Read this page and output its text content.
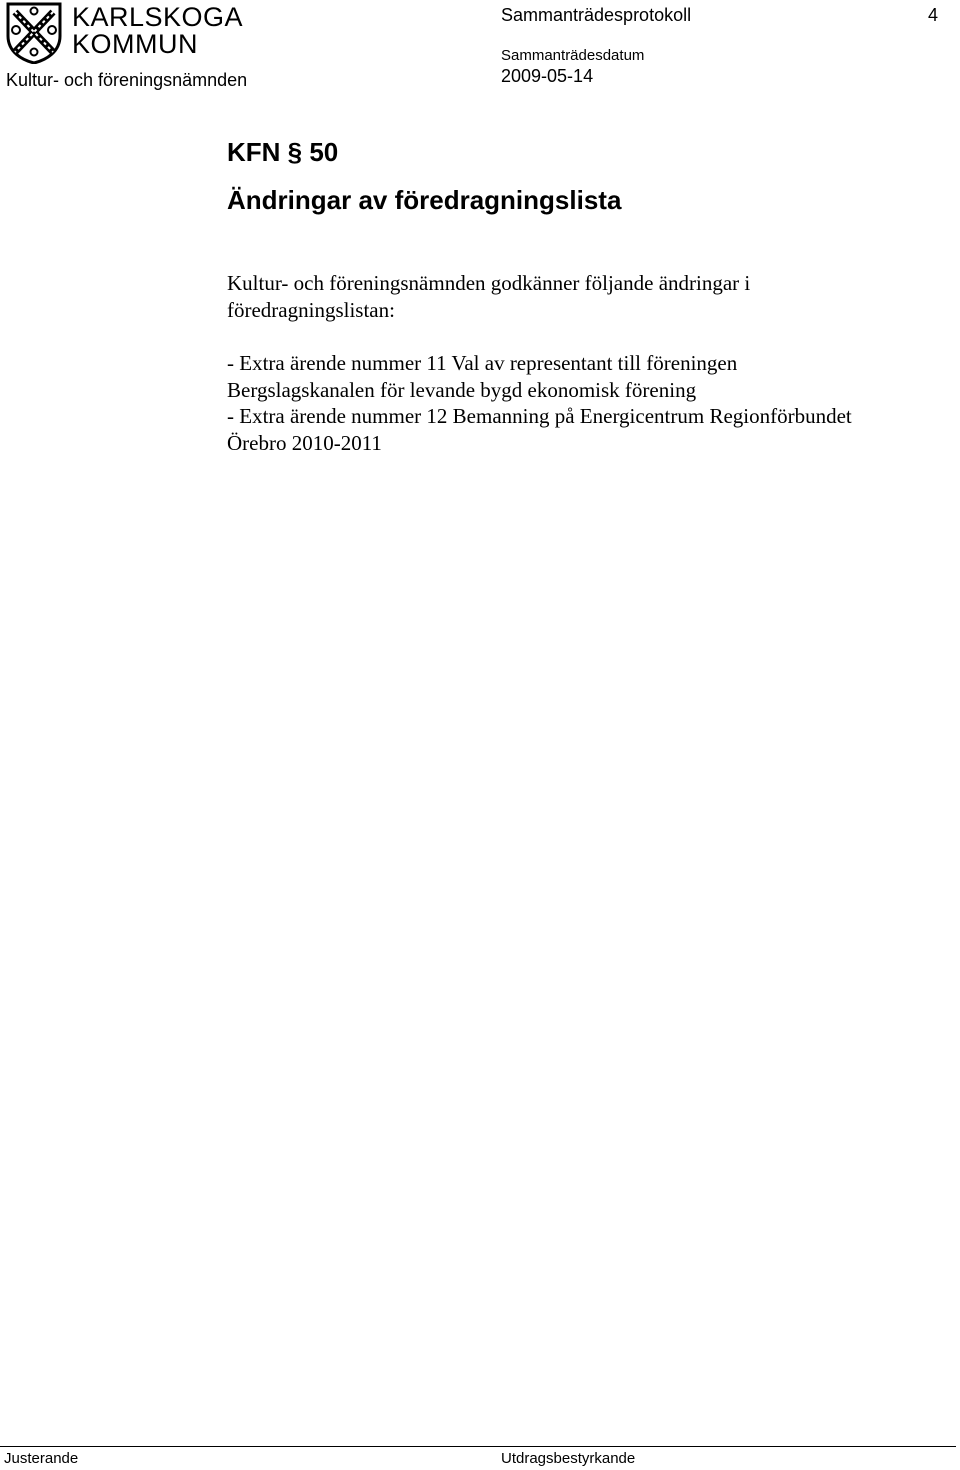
KARLSKOGA
KOMMUN
Kultur- och föreningsnämnden
Sammanträdesprotokoll	4
Sammanträdesdatum
2009-05-14
KFN § 50
Ändringar av föredragningslista

Kultur- och föreningsnämnden godkänner följande ändringar i

föredragningslistan:

- Extra ärende nummer 11 Val av representant till föreningen

Bergslagskanalen för levande bygd ekonomisk förening

- Extra ärende nummer 12 Bemanning på Energicentrum Regionförbundet

Örebro 2010-2011

Justerande	Utdragsbestyrkande
